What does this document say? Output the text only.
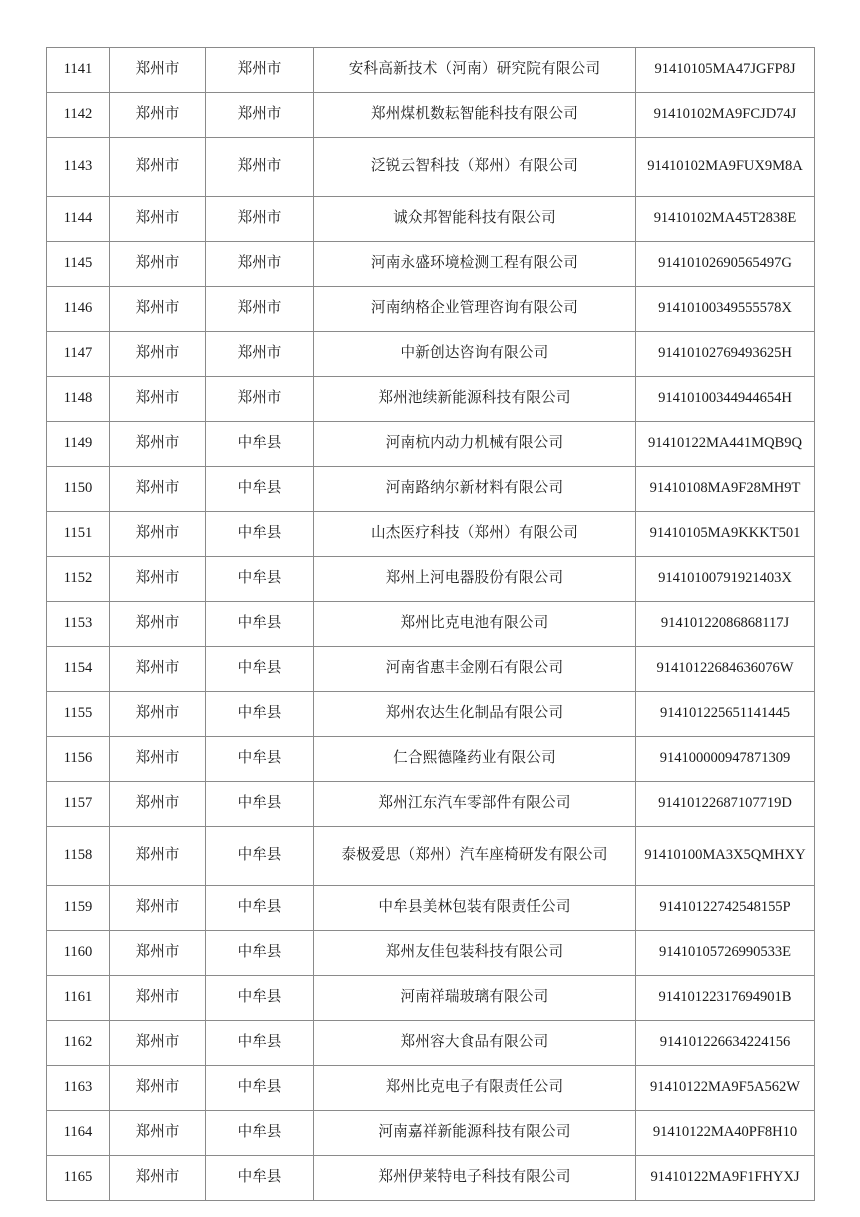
1141	郑州市	郑州市	安科高新技术（河南）研究院有限公司	91410105MA47JGFP8J
1142	郑州市	郑州市	郑州煤机数耘智能科技有限公司	91410102MA9FCJD74J
1143	郑州市	郑州市	泛锐云智科技（郑州）有限公司	91410102MA9FUX9M8A
1144	郑州市	郑州市	诚众邦智能科技有限公司	91410102MA45T2838E
1145	郑州市	郑州市	河南永盛环境检测工程有限公司	91410102690565497G
1146	郑州市	郑州市	河南纳格企业管理咨询有限公司	91410100349555578X
1147	郑州市	郑州市	中新创达咨询有限公司	91410102769493625H
1148	郑州市	郑州市	郑州池续新能源科技有限公司	91410100344944654H
1149	郑州市	中牟县	河南杭内动力机械有限公司	91410122MA441MQB9Q
1150	郑州市	中牟县	河南路纳尔新材料有限公司	91410108MA9F28MH9T
1151	郑州市	中牟县	山杰医疗科技（郑州）有限公司	91410105MA9KKKT501
1152	郑州市	中牟县	郑州上河电器股份有限公司	91410100791921403X
1153	郑州市	中牟县	郑州比克电池有限公司	91410122086868117J
1154	郑州市	中牟县	河南省惠丰金刚石有限公司	91410122684636076W
1155	郑州市	中牟县	郑州农达生化制品有限公司	914101225651141445
1156	郑州市	中牟县	仁合熙德隆药业有限公司	914100000947871309
1157	郑州市	中牟县	郑州江东汽车零部件有限公司	91410122687107719D
1158	郑州市	中牟县	泰极爱思（郑州）汽车座椅研发有限公司	91410100MA3X5QMHXY
1159	郑州市	中牟县	中牟县美林包装有限责任公司	91410122742548155P
1160	郑州市	中牟县	郑州友佳包装科技有限公司	91410105726990533E
1161	郑州市	中牟县	河南祥瑞玻璃有限公司	91410122317694901B
1162	郑州市	中牟县	郑州容大食品有限公司	914101226634224156
1163	郑州市	中牟县	郑州比克电子有限责任公司	91410122MA9F5A562W
1164	郑州市	中牟县	河南嘉祥新能源科技有限公司	91410122MA40PF8H10
1165	郑州市	中牟县	郑州伊莱特电子科技有限公司	91410122MA9F1FHYXJ
